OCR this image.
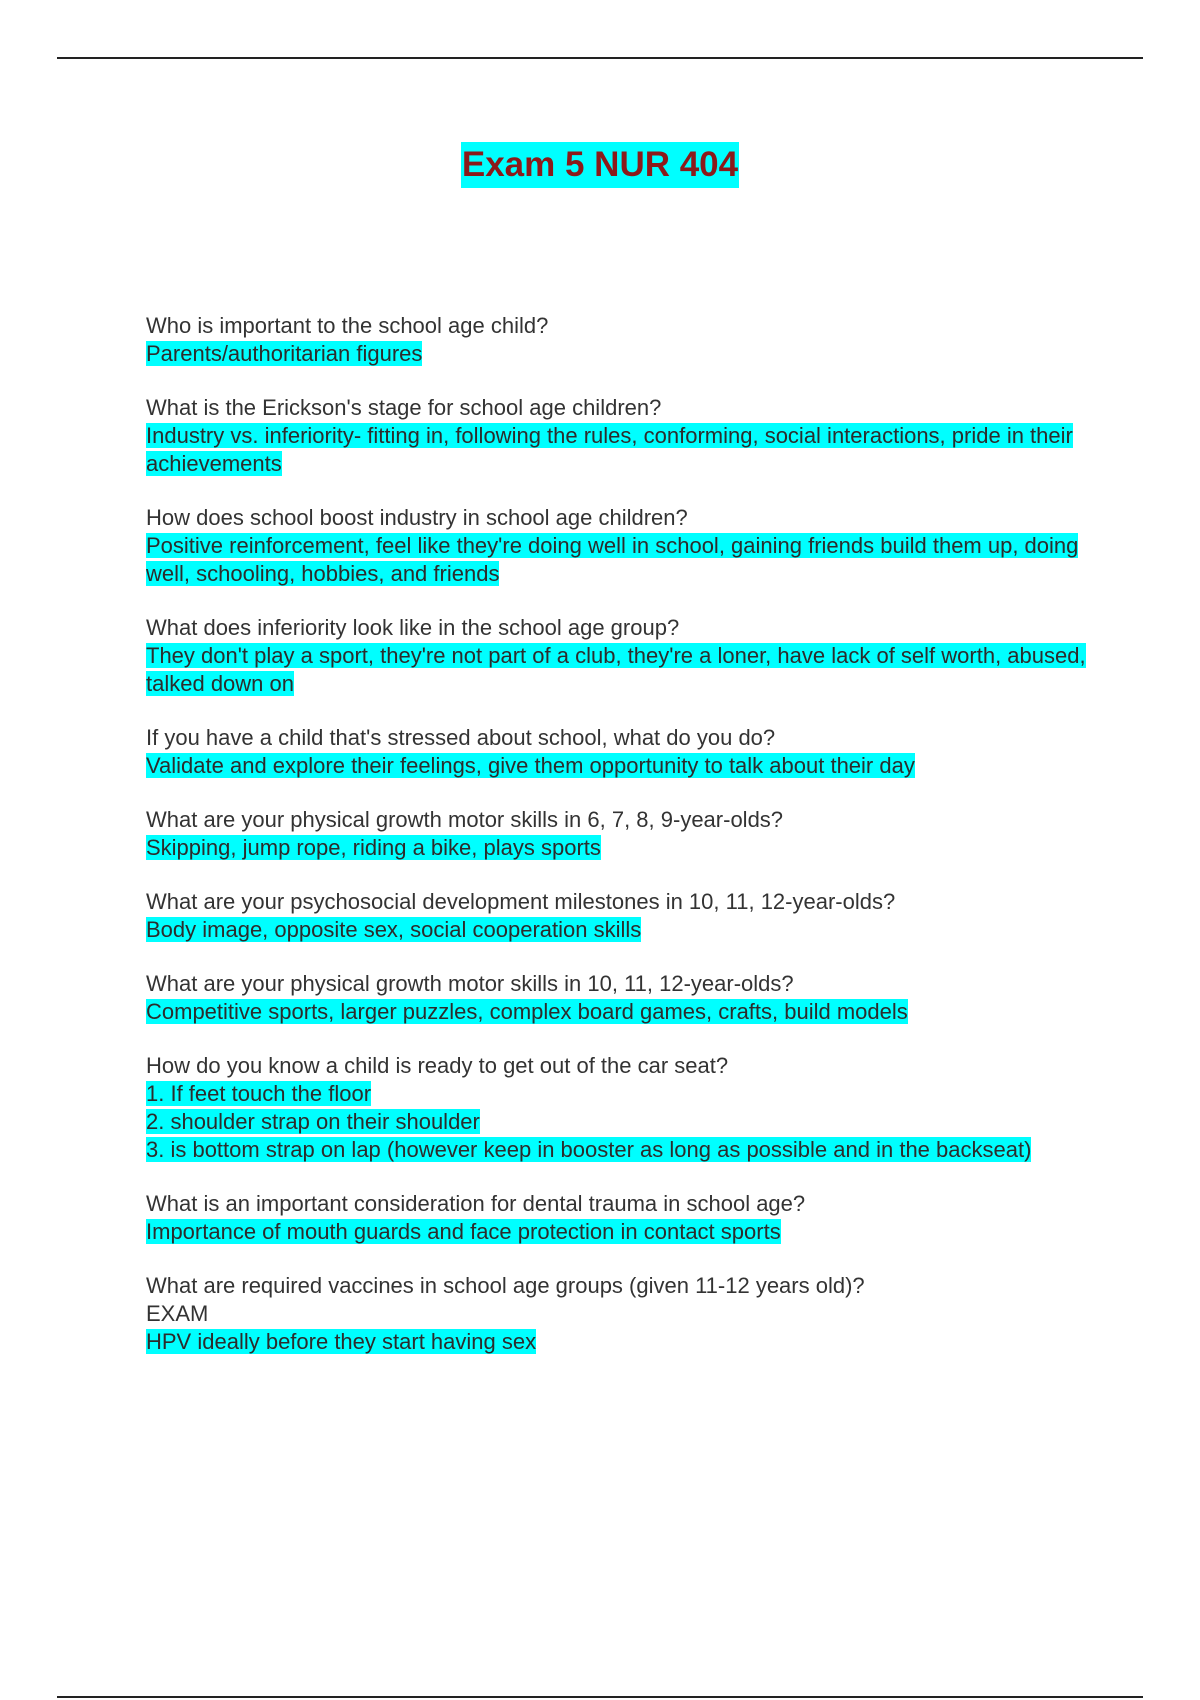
Exam 5 NUR 404
Who is important to the school age child?
Parents/authoritarian figures
What is the Erickson's stage for school age children?
Industry vs. inferiority- fitting in, following the rules, conforming, social interactions, pride in their achievements
How does school boost industry in school age children?
Positive reinforcement, feel like they're doing well in school, gaining friends build them up, doing well, schooling, hobbies, and friends
What does inferiority look like in the school age group?
They don't play a sport, they're not part of a club, they're a loner, have lack of self worth, abused, talked down on
If you have a child that's stressed about school, what do you do?
Validate and explore their feelings, give them opportunity to talk about their day
What are your physical growth motor skills in 6, 7, 8, 9-year-olds?
Skipping, jump rope, riding a bike, plays sports
What are your psychosocial development milestones in 10, 11, 12-year-olds?
Body image, opposite sex, social cooperation skills
What are your physical growth motor skills in 10, 11, 12-year-olds?
Competitive sports, larger puzzles, complex board games, crafts, build models
How do you know a child is ready to get out of the car seat?
1. If feet touch the floor
2. shoulder strap on their shoulder
3. is bottom strap on lap (however keep in booster as long as possible and in the backseat)
What is an important consideration for dental trauma in school age?
Importance of mouth guards and face protection in contact sports
What are required vaccines in school age groups (given 11-12 years old)?
EXAM
HPV ideally before they start having sex
